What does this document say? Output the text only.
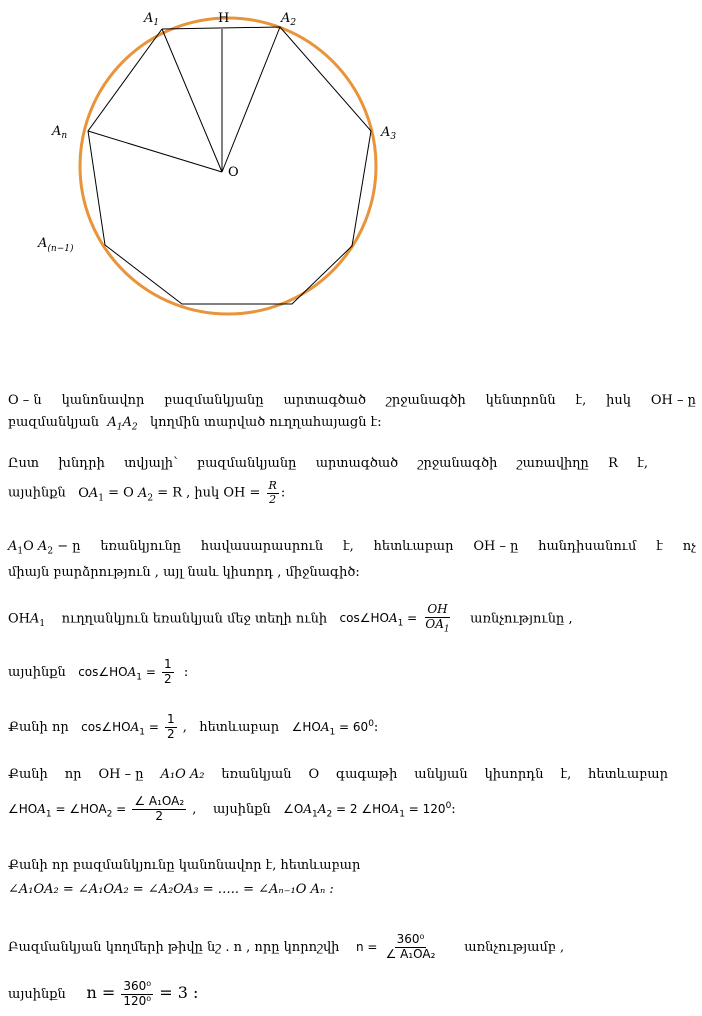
$A_1$	H	$A_2$
$A_3$
$A_n$
$A_{(n-1)}$
O
O – ն կանոնավոր բազմանկյանը արտագծած շրջանագծի կենտրոնն է, իսկ OH – ը
բազմանկյան  $A_1A_2$ կողմին տարված ուղղահայացն է։
Ըստ խնդրի տվյալի՝ բազմանկյանը արտագծած շրջանագծի շառավիղը R է,
այսինքն $OA_1 = O$ $A_2 = R$ , իսկ OH = $\frac{R}{2}$ ։
$A_1O$ $A_2$ − ը եռանկյունը հավասարասրուն է, հետևաբար OH – ը հանդիսանում է ոչ
միայն բարձրություն , այլ նաև կիսորդ , միջնագիծ։
$OHA_1$ ուղղանկյուն եռանկյան մեջ տեղի ունի $\cos\angle HOA_1 = \frac{OH}{OA_1}$ առնչությունը ,
այսինքն $\cos\angle HOA_1 = \frac{1}{2}$ ։
Քանի որ $\cos\angle HOA_1 = \frac{1}{2}$ ,   հետևաբար $\angle HOA_1$ = $60^0։$
Քանի որ OH – ը A₁O A₂ եռանկյան O գագաթի անկյան կիսորդն է, հետևաբար
$\angle HOA_1$ = $\angle HOA_2 = \frac{\text{∠ A₁OA₂}}{2}$ ,    այսինքն $\angle OA_1A_2 = 2$ $\angle HOA_1$ = $120^0։$
Քանի որ բազմանկյունը կանոնավոր է, հետևաբար
∠A₁OA₂ = ∠A₁OA₂ = ∠A₂OA₃ = ….. = ∠Aₙ₋₁O Aₙ ։
Բազմանկյան կողմերի թիվը նշ . n , որը կորոշվի $n = \frac{\text{360⁰}}{\text{∠ A₁OA₂}}$ առնչությամբ ,
այսինքն $n = \frac{\text{360⁰}}{\text{120⁰}} = 3$ ։
